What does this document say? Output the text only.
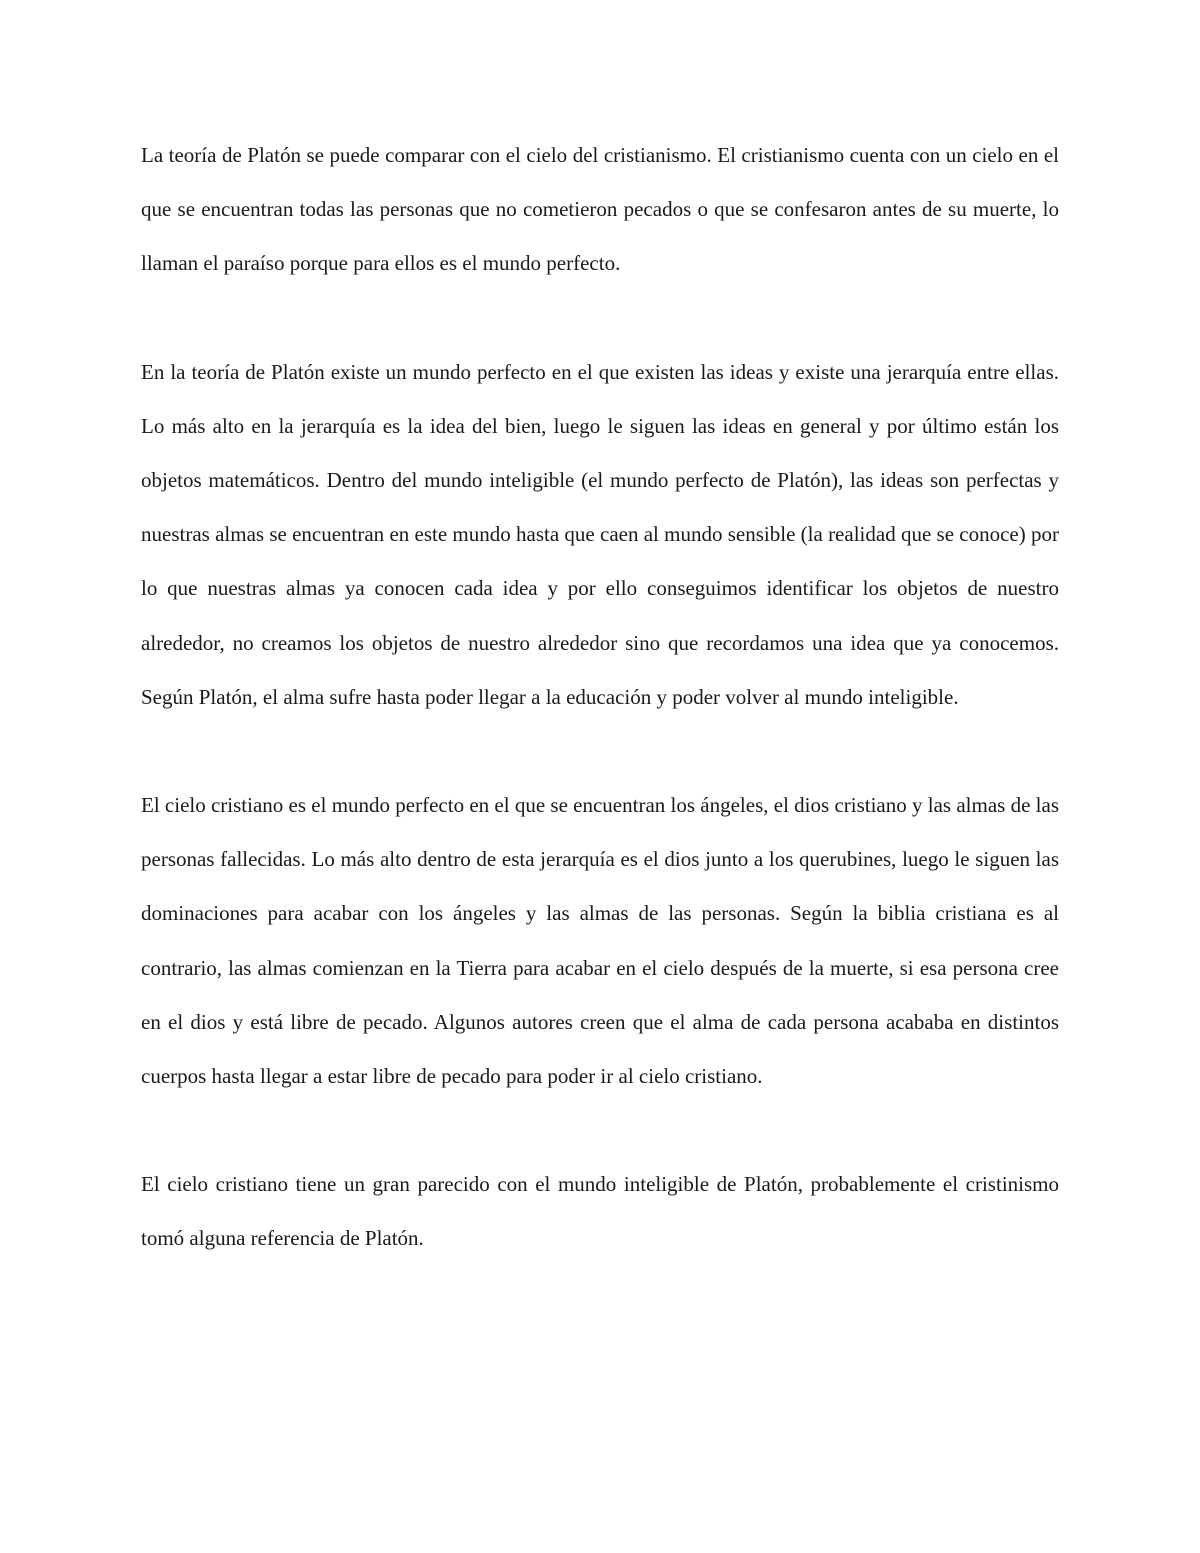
La teoría de Platón se puede comparar con el cielo del cristianismo. El cristianismo cuenta con un cielo en el que se encuentran todas las personas que no cometieron pecados o que se confesaron antes de su muerte, lo llaman el paraíso porque para ellos es el mundo perfecto.

En la teoría de Platón existe un mundo perfecto en el que existen las ideas y existe una jerarquía entre ellas. Lo más alto en la jerarquía es la idea del bien, luego le siguen las ideas en general y por último están los objetos matemáticos. Dentro del mundo inteligible (el mundo perfecto de Platón), las ideas son perfectas y nuestras almas se encuentran en este mundo hasta que caen al mundo sensible (la realidad que se conoce) por lo que nuestras almas ya conocen cada idea y por ello conseguimos identificar los objetos de nuestro alrededor, no creamos los objetos de nuestro alrededor sino que recordamos una idea que ya conocemos. Según Platón, el alma sufre hasta poder llegar a la educación y poder volver al mundo inteligible.

El cielo cristiano es el mundo perfecto en el que se encuentran los ángeles, el dios cristiano y las almas de las personas fallecidas. Lo más alto dentro de esta jerarquía es el dios junto a los querubines, luego le siguen las dominaciones para acabar con los ángeles y las almas de las personas. Según la biblia cristiana es al contrario, las almas comienzan en la Tierra para acabar en el cielo después de la muerte, si esa persona cree en el dios y está libre de pecado. Algunos autores creen que el alma de cada persona acababa en distintos cuerpos hasta llegar a estar libre de pecado para poder ir al cielo cristiano.

El cielo cristiano tiene un gran parecido con el mundo inteligible de Platón, probablemente el cristinismo tomó alguna referencia de Platón.
